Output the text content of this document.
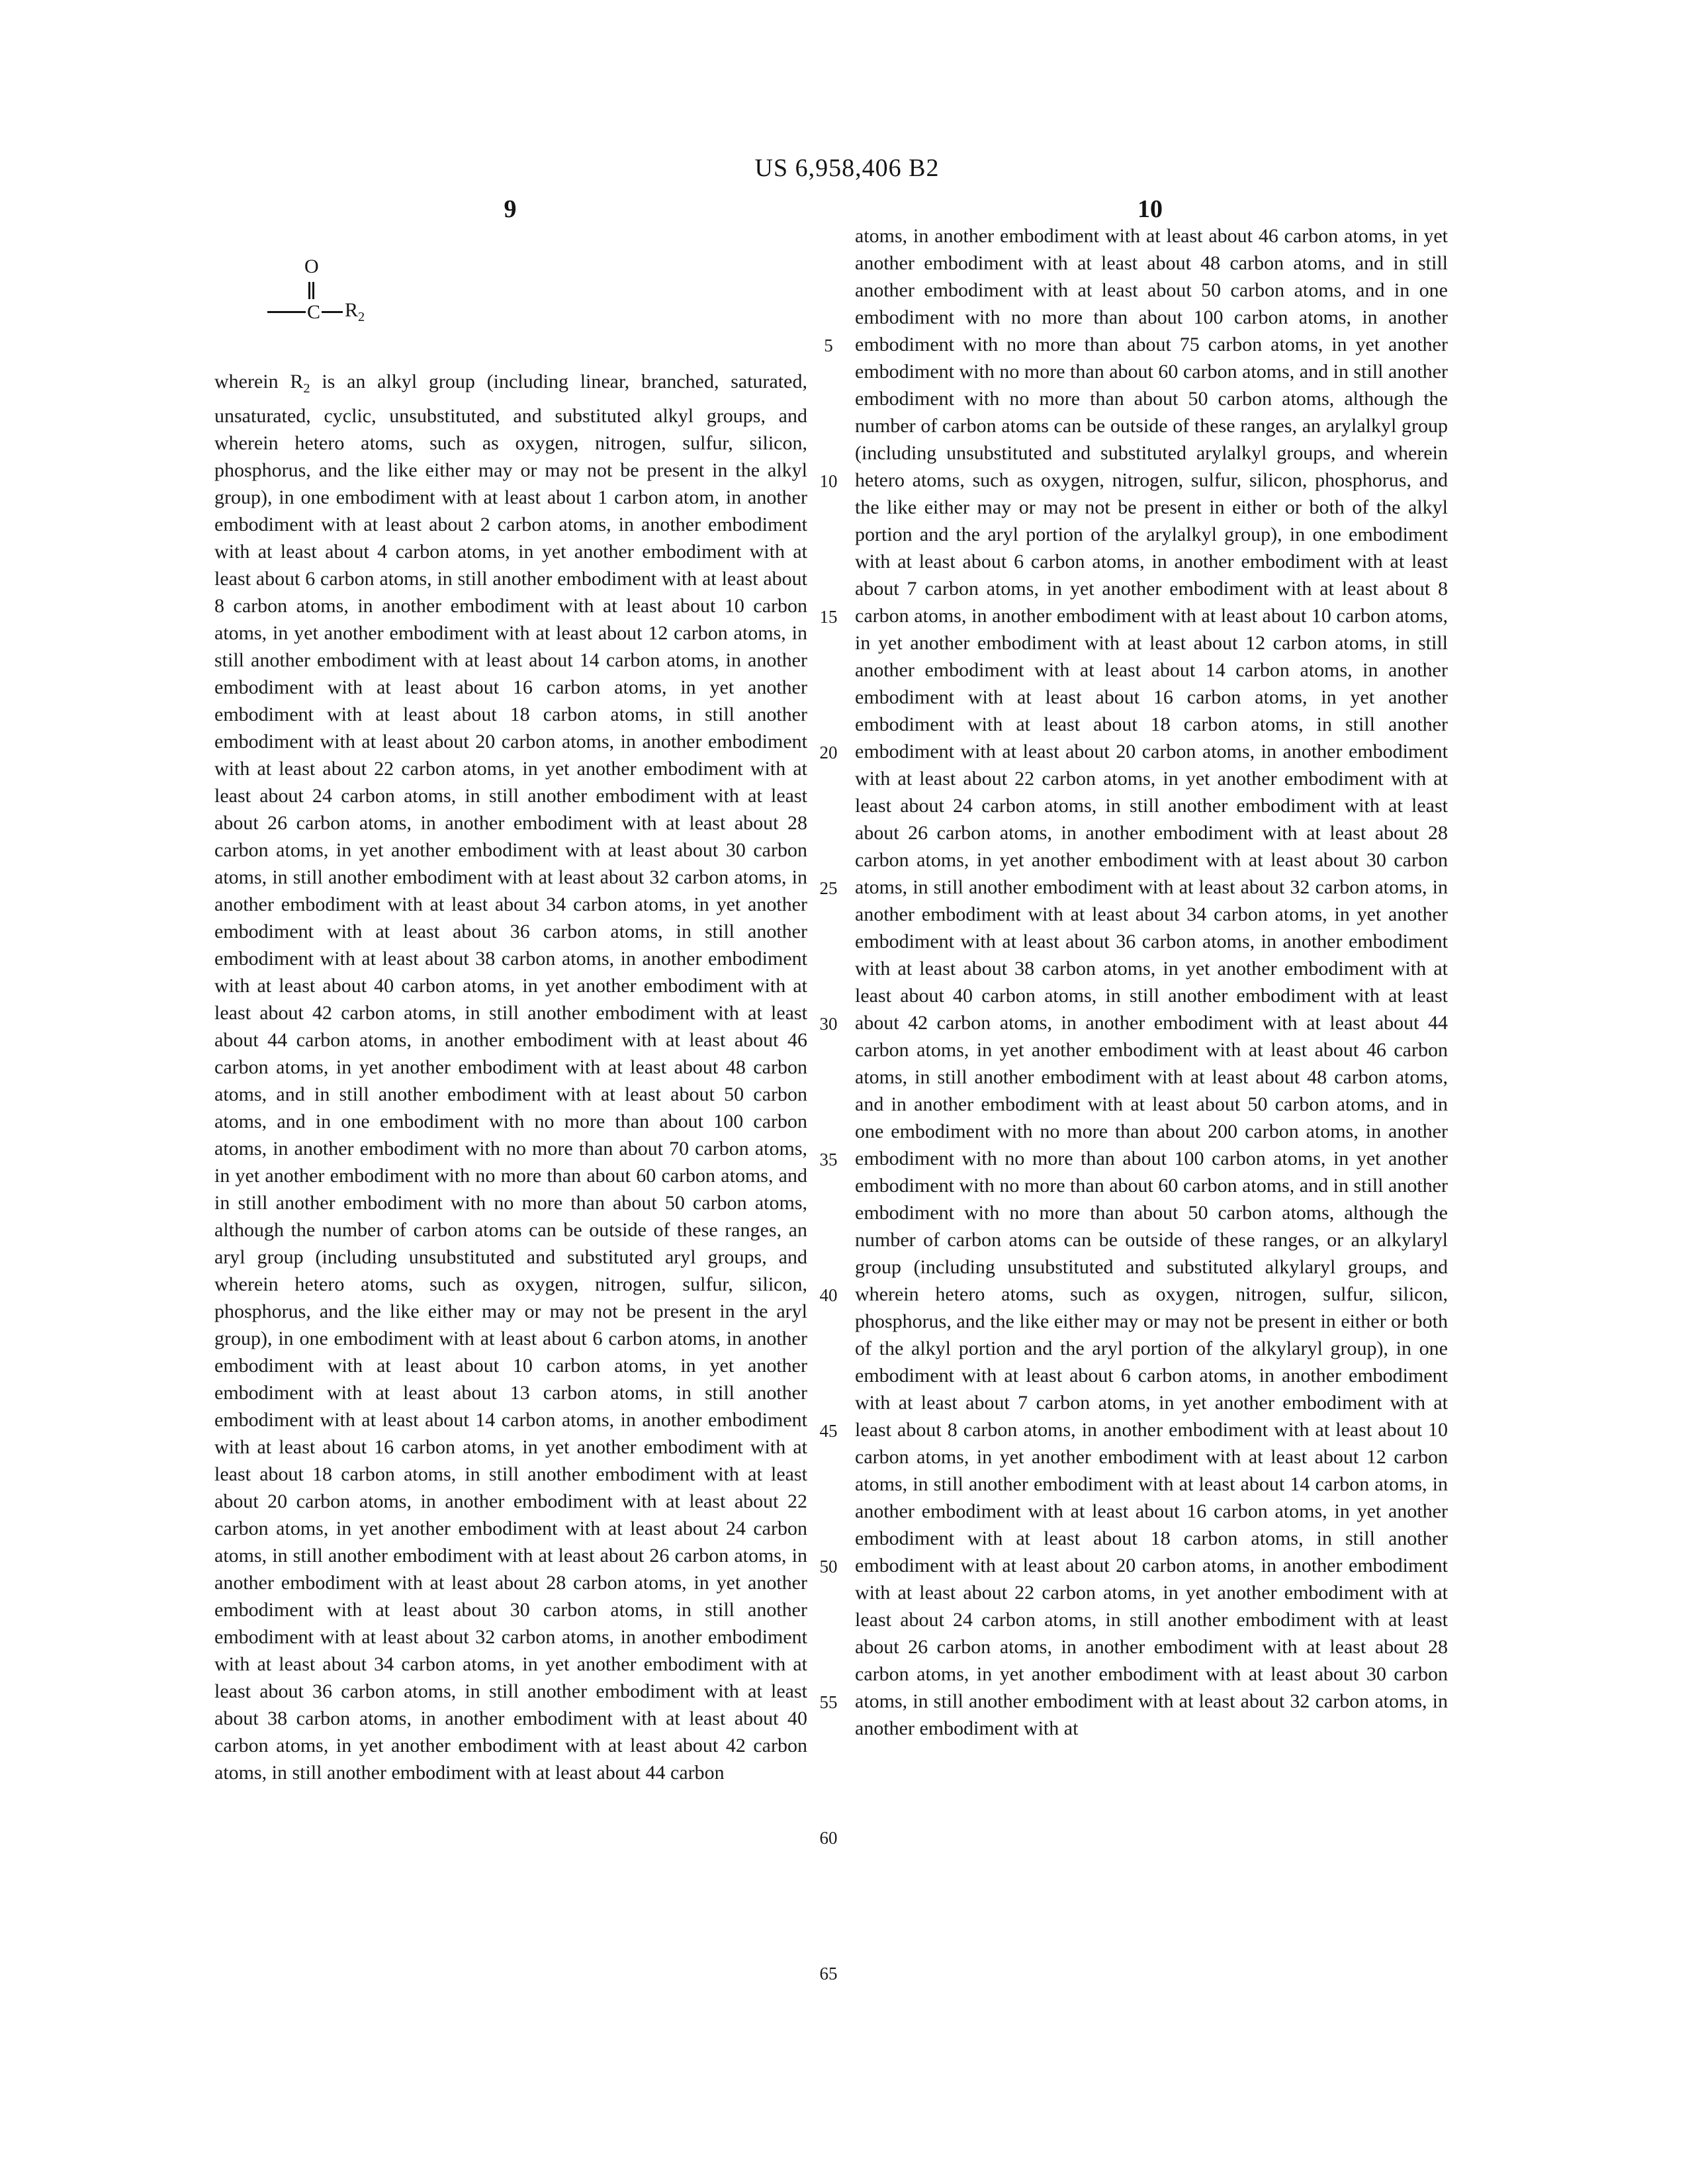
US 6,958,406 B2
9	10
O
C $R_2$
wherein $R_2$ is an alkyl group (including linear, branched, saturated, unsaturated, cyclic, unsubstituted, and substituted alkyl groups, and wherein hetero atoms, such as oxygen, nitrogen, sulfur, silicon, phosphorus, and the like either may or may not be present in the alkyl group), in one embodiment with at least about 1 carbon atom, in another embodiment with at least about 2 carbon atoms, in another embodiment with at least about 4 carbon atoms, in yet another embodiment with at least about 6 carbon atoms, in still another embodiment with at least about 8 carbon atoms, in another embodiment with at least about 10 carbon atoms, in yet another embodiment with at least about 12 carbon atoms, in still another embodiment with at least about 14 carbon atoms, in another embodiment with at least about 16 carbon atoms, in yet another embodiment with at least about 18 carbon atoms, in still another embodiment with at least about 20 carbon atoms, in another embodiment with at least about 22 carbon atoms, in yet another embodiment with at least about 24 carbon atoms, in still another embodiment with at least about 26 carbon atoms, in another embodiment with at least about 28 carbon atoms, in yet another embodiment with at least about 30 carbon atoms, in still another embodiment with at least about 32 carbon atoms, in another embodiment with at least about 34 carbon atoms, in yet another embodiment with at least about 36 carbon atoms, in still another embodiment with at least about 38 carbon atoms, in another embodiment with at least about 40 carbon atoms, in yet another embodiment with at least about 42 carbon atoms, in still another embodiment with at least about 44 carbon atoms, in another embodiment with at least about 46 carbon atoms, in yet another embodiment with at least about 48 carbon atoms, and in still another embodiment with at least about 50 carbon atoms, and in one embodiment with no more than about 100 carbon atoms, in another embodiment with no more than about 70 carbon atoms, in yet another embodiment with no more than about 60 carbon atoms, and in still another embodiment with no more than about 50 carbon atoms, although the number of carbon atoms can be outside of these ranges, an aryl group (including unsubstituted and substituted aryl groups, and wherein hetero atoms, such as oxygen, nitrogen, sulfur, silicon, phosphorus, and the like either may or may not be present in the aryl group), in one embodiment with at least about 6 carbon atoms, in another embodiment with at least about 10 carbon atoms, in yet another embodiment with at least about 13 carbon atoms, in still another embodiment with at least about 14 carbon atoms, in another embodiment with at least about 16 carbon atoms, in yet another embodiment with at least about 18 carbon atoms, in still another embodiment with at least about 20 carbon atoms, in another embodiment with at least about 22 carbon atoms, in yet another embodiment with at least about 24 carbon atoms, in still another embodiment with at least about 26 carbon atoms, in another embodiment with at least about 28 carbon atoms, in yet another embodiment with at least about 30 carbon atoms, in still another embodiment with at least about 32 carbon atoms, in another embodiment with at least about 34 carbon atoms, in yet another embodiment with at least about 36 carbon atoms, in still another embodiment with at least about 38 carbon atoms, in another embodiment with at least about 40 carbon atoms, in yet another embodiment with at least about 42 carbon atoms, in still another embodiment with at least about 44 carbon
atoms, in another embodiment with at least about 46 carbon atoms, in yet another embodiment with at least about 48 carbon atoms, and in still another embodiment with at least about 50 carbon atoms, and in one embodiment with no more than about 100 carbon atoms, in another embodiment with no more than about 75 carbon atoms, in yet another embodiment with no more than about 60 carbon atoms, and in still another embodiment with no more than about 50 carbon atoms, although the number of carbon atoms can be outside of these ranges, an arylalkyl group (including unsubstituted and substituted arylalkyl groups, and wherein hetero atoms, such as oxygen, nitrogen, sulfur, silicon, phosphorus, and the like either may or may not be present in either or both of the alkyl portion and the aryl portion of the arylalkyl group), in one embodiment with at least about 6 carbon atoms, in another embodiment with at least about 7 carbon atoms, in yet another embodiment with at least about 8 carbon atoms, in another embodiment with at least about 10 carbon atoms, in yet another embodiment with at least about 12 carbon atoms, in still another embodiment with at least about 14 carbon atoms, in another embodiment with at least about 16 carbon atoms, in yet another embodiment with at least about 18 carbon atoms, in still another embodiment with at least about 20 carbon atoms, in another embodiment with at least about 22 carbon atoms, in yet another embodiment with at least about 24 carbon atoms, in still another embodiment with at least about 26 carbon atoms, in another embodiment with at least about 28 carbon atoms, in yet another embodiment with at least about 30 carbon atoms, in still another embodiment with at least about 32 carbon atoms, in another embodiment with at least about 34 carbon atoms, in yet another embodiment with at least about 36 carbon atoms, in another embodiment with at least about 38 carbon atoms, in yet another embodiment with at least about 40 carbon atoms, in still another embodiment with at least about 42 carbon atoms, in another embodiment with at least about 44 carbon atoms, in yet another embodiment with at least about 46 carbon atoms, in still another embodiment with at least about 48 carbon atoms, and in another embodiment with at least about 50 carbon atoms, and in one embodiment with no more than about 200 carbon atoms, in another embodiment with no more than about 100 carbon atoms, in yet another embodiment with no more than about 60 carbon atoms, and in still another embodiment with no more than about 50 carbon atoms, although the number of carbon atoms can be outside of these ranges, or an alkylaryl group (including unsubstituted and substituted alkylaryl groups, and wherein hetero atoms, such as oxygen, nitrogen, sulfur, silicon, phosphorus, and the like either may or may not be present in either or both of the alkyl portion and the aryl portion of the alkylaryl group), in one embodiment with at least about 6 carbon atoms, in another embodiment with at least about 7 carbon atoms, in yet another embodiment with at least about 8 carbon atoms, in another embodiment with at least about 10 carbon atoms, in yet another embodiment with at least about 12 carbon atoms, in still another embodiment with at least about 14 carbon atoms, in another embodiment with at least about 16 carbon atoms, in yet another embodiment with at least about 18 carbon atoms, in still another embodiment with at least about 20 carbon atoms, in another embodiment with at least about 22 carbon atoms, in yet another embodiment with at least about 24 carbon atoms, in still another embodiment with at least about 26 carbon atoms, in another embodiment with at least about 28 carbon atoms, in yet another embodiment with at least about 30 carbon atoms, in still another embodiment with at least about 32 carbon atoms, in another embodiment with at
5
10
15
20
25
30
35
40
45
50
55
60
65
